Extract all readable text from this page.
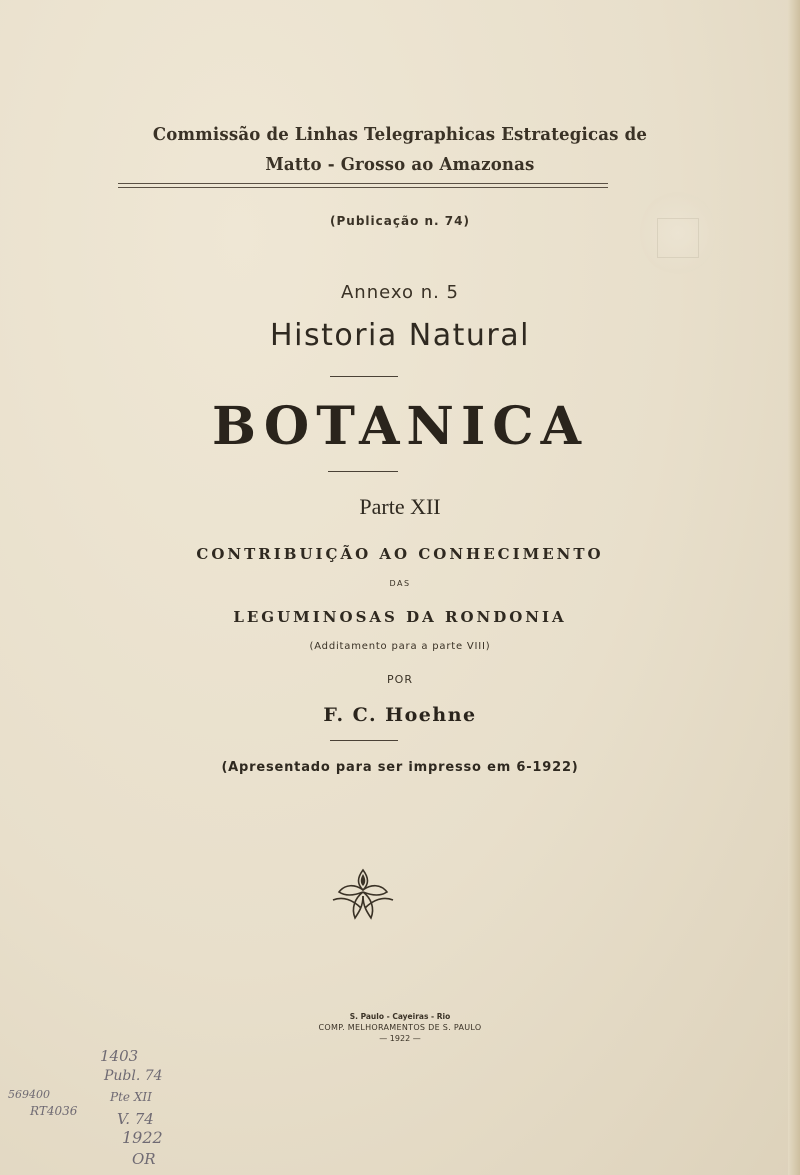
Commissão de Linhas Telegraphicas Estrategicas de
Matto - Grosso ao Amazonas
(Publicação n. 74)
Annexo n. 5
Historia Natural
BOTANICA
Parte XII
CONTRIBUIÇÃO AO CONHECIMENTO
DAS
LEGUMINOSAS DA RONDONIA
(Additamento para a parte VIII)
POR
F. C. Hoehne
(Apresentado para ser impresso em 6-1922)
S. Paulo - Cayeiras - Rio
COMP. MELHORAMENTOS DE S. PAULO
— 1922 —
1403
Publ. 74
Pte XII
V. 74
1922
OR
569400
RT4036
